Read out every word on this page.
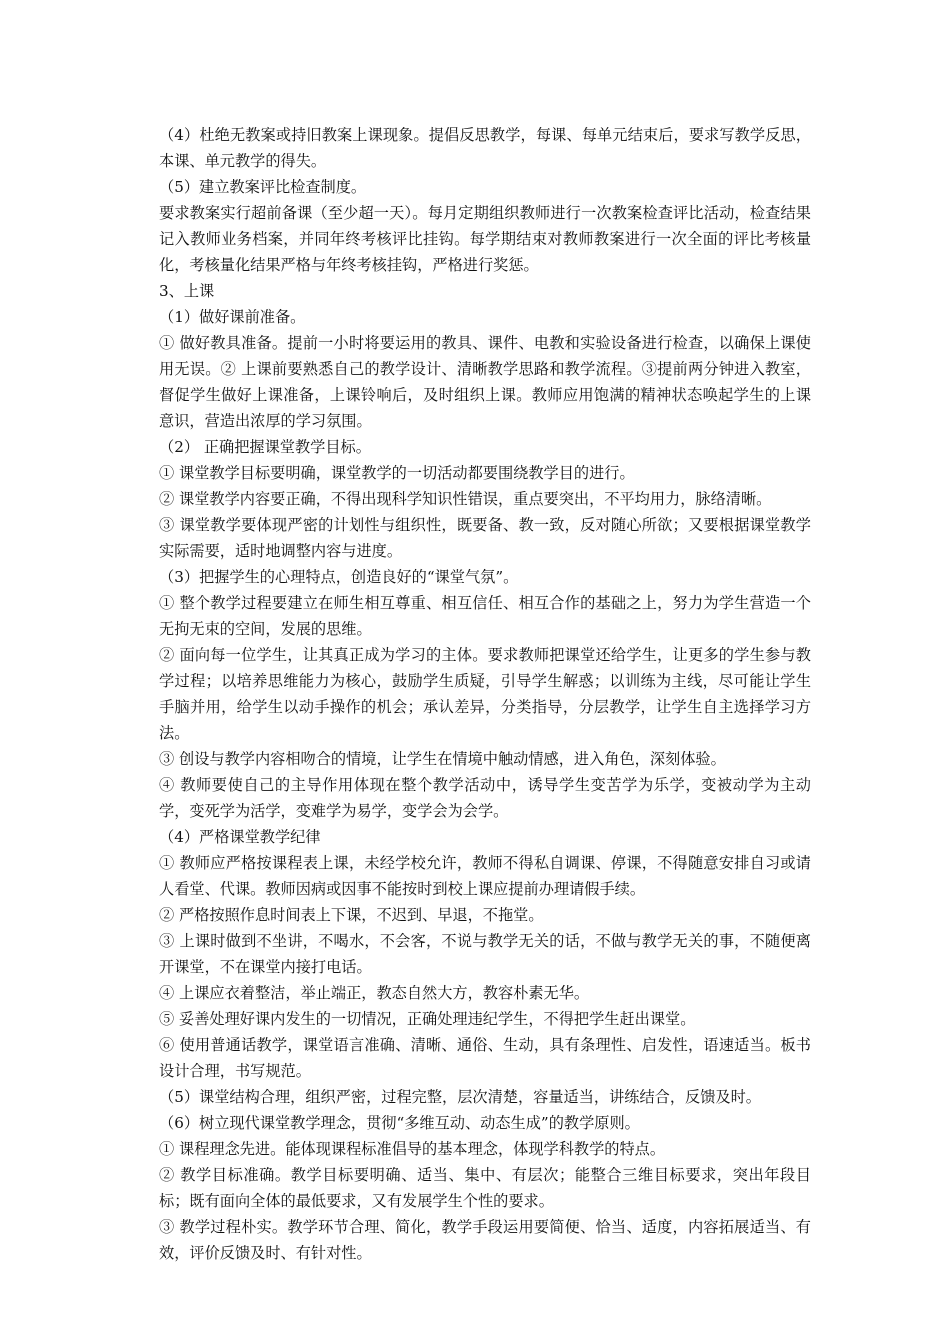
（4）杜绝无教案或持旧教案上课现象。提倡反思教学，每课、每单元结束后，要求写教学反思，本课、单元教学的得失。

（5）建立教案评比检查制度。

要求教案实行超前备课（至少超一天）。每月定期组织教师进行一次教案检查评比活动，检查结果记入教师业务档案，并同年终考核评比挂钩。每学期结束对教师教案进行一次全面的评比考核量化，考核量化结果严格与年终考核挂钩，严格进行奖惩。

3、上课

（1）做好课前准备。

① 做好教具准备。提前一小时将要运用的教具、课件、电教和实验设备进行检查，以确保上课使用无误。② 上课前要熟悉自己的教学设计、清晰教学思路和教学流程。③提前两分钟进入教室，督促学生做好上课准备，上课铃响后，及时组织上课。教师应用饱满的精神状态唤起学生的上课意识，营造出浓厚的学习氛围。

（2） 正确把握课堂教学目标。

① 课堂教学目标要明确，课堂教学的一切活动都要围绕教学目的进行。

② 课堂教学内容要正确，不得出现科学知识性错误，重点要突出，不平均用力，脉络清晰。

③ 课堂教学要体现严密的计划性与组织性，既要备、教一致，反对随心所欲；又要根据课堂教学实际需要，适时地调整内容与进度。

（3）把握学生的心理特点，创造良好的“课堂气氛”。

① 整个教学过程要建立在师生相互尊重、相互信任、相互合作的基础之上，努力为学生营造一个无拘无束的空间，发展的思维。

② 面向每一位学生，让其真正成为学习的主体。要求教师把课堂还给学生，让更多的学生参与教学过程；以培养思维能力为核心，鼓励学生质疑，引导学生解惑；以训练为主线，尽可能让学生手脑并用，给学生以动手操作的机会；承认差异，分类指导，分层教学，让学生自主选择学习方法。

③ 创设与教学内容相吻合的情境，让学生在情境中触动情感，进入角色，深刻体验。

④ 教师要使自己的主导作用体现在整个教学活动中，诱导学生变苦学为乐学，变被动学为主动学，变死学为活学，变难学为易学，变学会为会学。

（4）严格课堂教学纪律

① 教师应严格按课程表上课，未经学校允许，教师不得私自调课、停课，不得随意安排自习或请人看堂、代课。教师因病或因事不能按时到校上课应提前办理请假手续。

② 严格按照作息时间表上下课，不迟到、早退，不拖堂。

③ 上课时做到不坐讲，不喝水，不会客，不说与教学无关的话，不做与教学无关的事，不随便离开课堂，不在课堂内接打电话。

④ 上课应衣着整洁，举止端正，教态自然大方，教容朴素无华。

⑤ 妥善处理好课内发生的一切情况，正确处理违纪学生，不得把学生赶出课堂。

⑥ 使用普通话教学，课堂语言准确、清晰、通俗、生动，具有条理性、启发性，语速适当。板书设计合理，书写规范。

（5）课堂结构合理，组织严密，过程完整，层次清楚，容量适当，讲练结合，反馈及时。

（6）树立现代课堂教学理念，贯彻“多维互动、动态生成”的教学原则。

① 课程理念先进。能体现课程标准倡导的基本理念，体现学科教学的特点。

② 教学目标准确。教学目标要明确、适当、集中、有层次；能整合三维目标要求，突出年段目标；既有面向全体的最低要求，又有发展学生个性的要求。

③ 教学过程朴实。教学环节合理、简化，教学手段运用要简便、恰当、适度，内容拓展适当、有效，评价反馈及时、有针对性。
